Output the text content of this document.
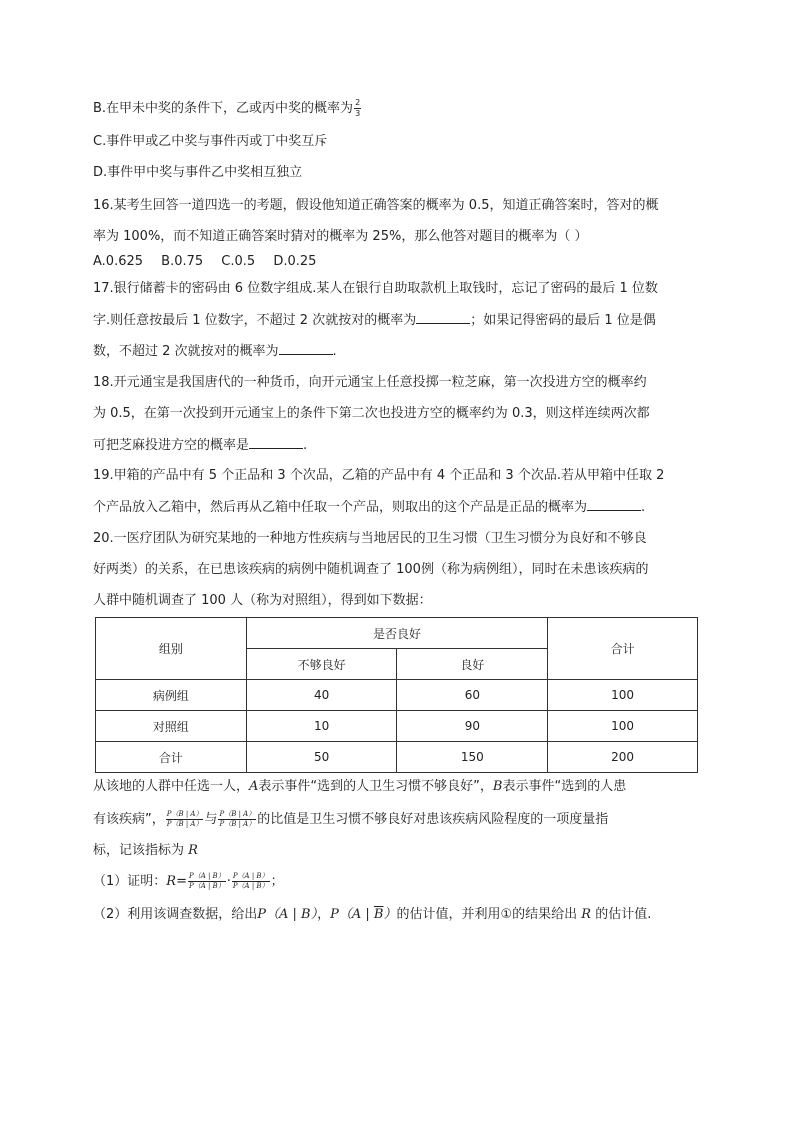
B.在甲未中奖的条件下，乙或丙中奖的概率为 $\frac{2}{3}$
C.事件甲或乙中奖与事件丙或丁中奖互斥
D.事件甲中奖与事件乙中奖相互独立
16.某考生回答一道四选一的考题，假设他知道正确答案的概率为 0.5，知道正确答案时，答对的概
率为 100%，而不知道正确答案时猜对的概率为 25%，那么他答对题目的概率为（ ）
A.0.625 B.0.75 C.0.5 D.0.25
17.银行储蓄卡的密码由 6 位数字组成.某人在银行自助取款机上取钱时，忘记了密码的最后 1 位数
字.则任意按最后 1 位数字，不超过 2 次就按对的概率为	；如果记得密码的最后 1 位是偶
数，不超过 2 次就按对的概率为	.
18.开元通宝是我国唐代的一种货币，向开元通宝上任意投掷一粒芝麻，第一次投进方空的概率约
为 0.5，在第一次投到开元通宝上的条件下第二次也投进方空的概率约为 0.3，则这样连续两次都
可把芝麻投进方空的概率是	.
19.甲箱的产品中有 5 个正品和 3 个次品，乙箱的产品中有 4 个正品和 3 个次品.若从甲箱中任取 2
个产品放入乙箱中，然后再从乙箱中任取一个产品，则取出的这个产品是正品的概率为	.
20.一医疗团队为研究某地的一种地方性疾病与当地居民的卫生习惯（卫生习惯分为良好和不够良
好两类）的关系，在已患该疾病的病例中随机调查了 100例（称为病例组），同时在未患该疾病的
人群中随机调查了 100 人（称为对照组），得到如下数据：
组别	是否良好		合计
	不够良好	良好	
病例组	40	60	100
对照组	10	90	100
合计	50	150	200
从该地的人群中任选一人，A表示事件“选到的人卫生习惯不够良好”，B表示事件“选到的人患
有该疾病”， $\frac{P(B | A)}{P(B | A)}$ 与 $\frac{P(B | A)}{P(B | A)}$ 的比值是卫生习惯不够良好对患该疾病风险程度的一项度量指
标，记该指标为 R
（1）证明：$R= \frac{P(A | B)}{P(A | B)} \cdot \frac{P(A | B)}{P(A | B)}$ ；
（2）利用该调查数据，给出P（A | B），P（A | $\overline{B}$）的估计值，并利用①的结果给出 R 的估计值.
